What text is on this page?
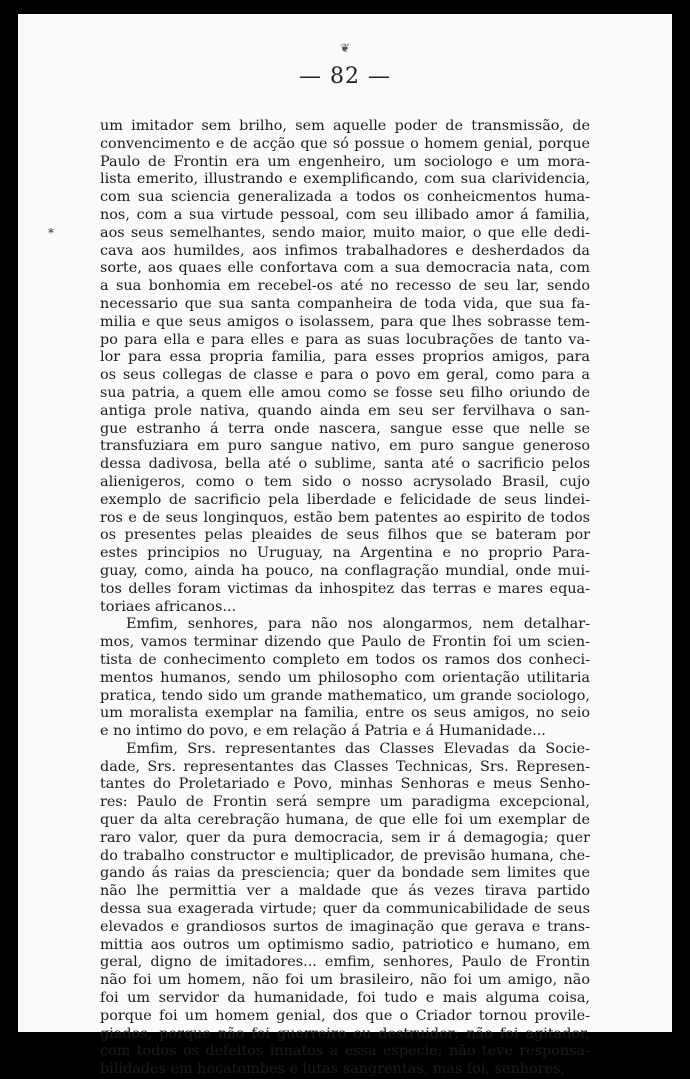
❦
— 82 —
*
um imitador sem brilho, sem aquelle poder de transmissão, de
convencimento e de acção que só possue o homem genial, porque
Paulo de Frontin era um engenheiro, um sociologo e um mora-
lista emerito, illustrando e exemplificando, com sua clarividencia,
com sua sciencia generalizada a todos os conheicmentos huma-
nos, com a sua virtude pessoal, com seu illibado amor á familia,
aos seus semelhantes, sendo maior, muito maior, o que elle dedi-
cava aos humildes, aos infimos trabalhadores e desherdados da
sorte, aos quaes elle confortava com a sua democracia nata, com
a sua bonhomia em recebel-os até no recesso de seu lar, sendo
necessario que sua santa companheira de toda vida, que sua fa-
milia e que seus amigos o isolassem, para que lhes sobrasse tem-
po para ella e para elles e para as suas locubrações de tanto va-
lor para essa propria familia, para esses proprios amigos, para
os seus collegas de classe e para o povo em geral, como para a
sua patria, a quem elle amou como se fosse seu filho oriundo de
antiga prole nativa, quando ainda em seu ser fervilhava o san-
gue estranho á terra onde nascera, sangue esse que nelle se
transfuziara em puro sangue nativo, em puro sangue generoso
dessa dadivosa, bella até o sublime, santa até o sacrificio pelos
alienigeros, como o tem sido o nosso acrysolado Brasil, cujo
exemplo de sacrificio pela liberdade e felicidade de seus lindei-
ros e de seus longinquos, estão bem patentes ao espirito de todos
os presentes pelas pleaides de seus filhos que se bateram por
estes principios no Uruguay, na Argentina e no proprio Para-
guay, como, ainda ha pouco, na conflagração mundial, onde mui-
tos delles foram victimas da inhospitez das terras e mares equa-
toriaes africanos...
Emfim, senhores, para não nos alongarmos, nem detalhar-
mos, vamos terminar dizendo que Paulo de Frontin foi um scien-
tista de conhecimento completo em todos os ramos dos conheci-
mentos humanos, sendo um philosopho com orientação utilitaria
pratica, tendo sido um grande mathematico, um grande sociologo,
um moralista exemplar na familia, entre os seus amigos, no seio
e no intimo do povo, e em relação á Patria e á Humanidade...
Emfim, Srs. representantes das Classes Elevadas da Socie-
dade, Srs. representantes das Classes Technicas, Srs. Represen-
tantes do Proletariado e Povo, minhas Senhoras e meus Senho-
res: Paulo de Frontin será sempre um paradigma excepcional,
quer da alta cerebração humana, de que elle foi um exemplar de
raro valor, quer da pura democracia, sem ir á demagogia; quer
do trabalho constructor e multiplicador, de previsão humana, che-
gando ás raias da presciencia; quer da bondade sem limites que
não lhe permittia ver a maldade que ás vezes tirava partido
dessa sua exagerada virtude; quer da communicabilidade de seus
elevados e grandiosos surtos de imaginação que gerava e trans-
mittia aos outros um optimismo sadio, patriotico e humano, em
geral, digno de imitadores... emfim, senhores, Paulo de Frontin
não foi um homem, não foi um brasileiro, não foi um amigo, não
foi um servidor da humanidade, foi tudo e mais alguma coisa,
porque foi um homem genial, dos que o Criador tornou provile-
giados, porque não foi guerreiro ou destruidor; não foi agitador,
com todos os defeitos innatos a essa especie; não teve responsa-
bilidades em hecatombes e lutas sangrentas, mas foi, senhores,
